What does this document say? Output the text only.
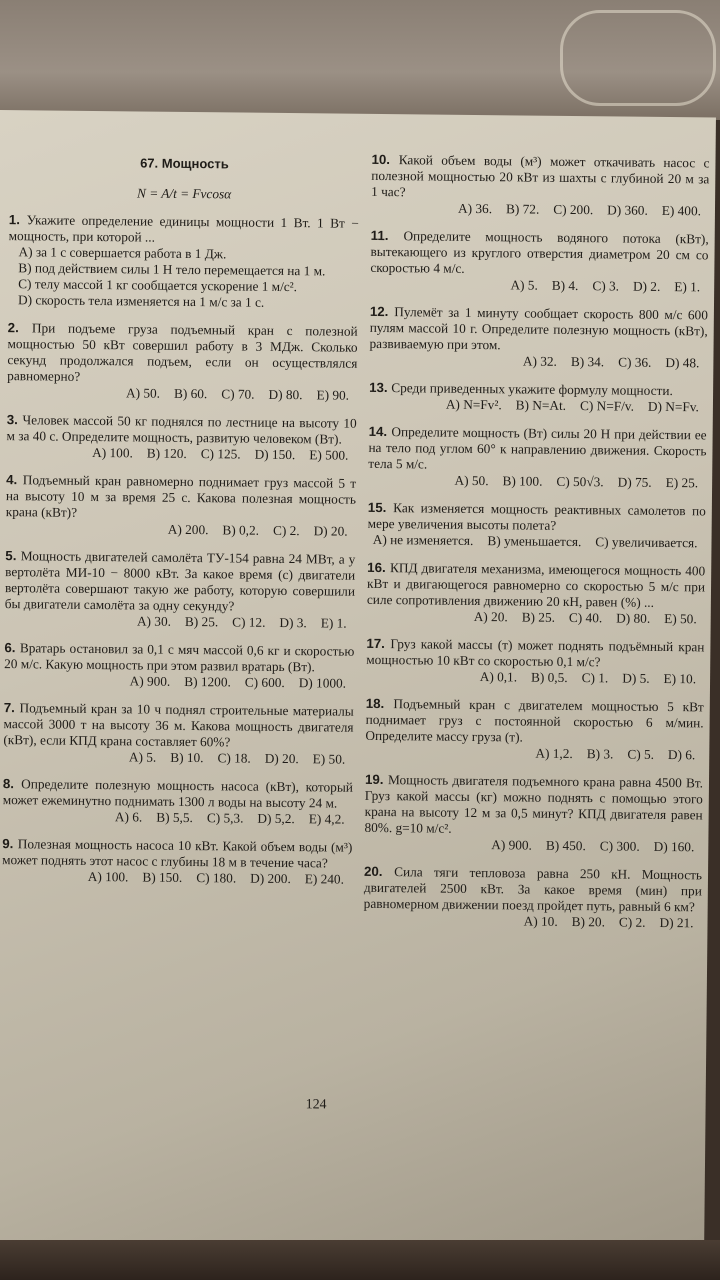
67. Мощность
N = A/t = Fvcosα
1. Укажите определение единицы мощности 1 Вт. 1 Вт − мощность, при которой ...
A) за 1 с совершается работа в 1 Дж.
B) под действием силы 1 Н тело перемещается на 1 м.
C) телу массой 1 кг сообщается ускорение 1 м/с².
D) скорость тела изменяется на 1 м/с за 1 с.
2. При подъеме груза подъемный кран с полезной мощностью 50 кВт совершил работу в 3 МДж. Сколько секунд продолжался подъем, если он осуществлялся равномерно?
A) 50. B) 60. C) 70. D) 80. E) 90.
3. Человек массой 50 кг поднялся по лестнице на высоту 10 м за 40 с. Определите мощность, развитую человеком (Вт).
A) 100. B) 120. C) 125. D) 150. E) 500.
4. Подъемный кран равномерно поднимает груз массой 5 т на высоту 10 м за время 25 с. Какова полезная мощность крана (кВт)?
A) 200. B) 0,2. C) 2. D) 20.
5. Мощность двигателей самолёта ТУ-154 равна 24 МВт, а у вертолёта МИ-10 − 8000 кВт. За какое время (с) двигатели вертолёта совершают такую же работу, которую совершили бы двигатели самолёта за одну секунду?
A) 30. B) 25. C) 12. D) 3. E) 1.
6. Вратарь остановил за 0,1 с мяч массой 0,6 кг и скоростью 20 м/с. Какую мощность при этом развил вратарь (Вт).
A) 900. B) 1200. C) 600. D) 1000.
7. Подъемный кран за 10 ч поднял строительные материалы массой 3000 т на высоту 36 м. Какова мощность двигателя (кВт), если КПД крана составляет 60%?
A) 5. B) 10. C) 18. D) 20. E) 50.
8. Определите полезную мощность насоса (кВт), который может ежеминутно поднимать 1300 л воды на высоту 24 м.
A) 6. B) 5,5. C) 5,3. D) 5,2. E) 4,2.
9. Полезная мощность насоса 10 кВт. Какой объем воды (м³) может поднять этот насос с глубины 18 м в течение часа?
A) 100. B) 150. C) 180. D) 200. E) 240.
10. Какой объем воды (м³) может откачивать насос с полезной мощностью 20 кВт из шахты с глубиной 20 м за 1 час?
A) 36. B) 72. C) 200. D) 360. E) 400.
11. Определите мощность водяного потока (кВт), вытекающего из круглого отверстия диаметром 20 см со скоростью 4 м/с.
A) 5. B) 4. C) 3. D) 2. E) 1.
12. Пулемёт за 1 минуту сообщает скорость 800 м/с 600 пулям массой 10 г. Определите полезную мощность (кВт), развиваемую при этом.
A) 32. B) 34. C) 36. D) 48.
13. Среди приведенных укажите формулу мощности.
A) N=Fv². B) N=At. C) N=F/v. D) N=Fv.
14. Определите мощность (Вт) силы 20 Н при действии ее на тело под углом 60° к направлению движения. Скорость тела 5 м/с.
A) 50. B) 100. C) 50√3. D) 75. E) 25.
15. Как изменяется мощность реактивных самолетов по мере увеличения высоты полета?
A) не изменяется. B) уменьшается. C) увеличивается.
16. КПД двигателя механизма, имеющегося мощность 400 кВт и двигающегося равномерно со скоростью 5 м/с при силе сопротивления движению 20 кН, равен (%) ...
A) 20. B) 25. C) 40. D) 80. E) 50.
17. Груз какой массы (т) может поднять подъёмный кран мощностью 10 кВт со скоростью 0,1 м/с?
A) 0,1. B) 0,5. C) 1. D) 5. E) 10.
18. Подъемный кран с двигателем мощностью 5 кВт поднимает груз с постоянной скоростью 6 м/мин. Определите массу груза (т).
A) 1,2. B) 3. C) 5. D) 6.
19. Мощность двигателя подъемного крана равна 4500 Вт. Груз какой массы (кг) можно поднять с помощью этого крана на высоту 12 м за 0,5 минут? КПД двигателя равен 80%. g=10 м/с².
A) 900. B) 450. C) 300. D) 160.
20. Сила тяги тепловоза равна 250 кН. Мощность двигателей 2500 кВт. За какое время (мин) при равномерном движении поезд пройдет путь, равный 6 км?
A) 10. B) 20. C) 2. D) 21.
124
